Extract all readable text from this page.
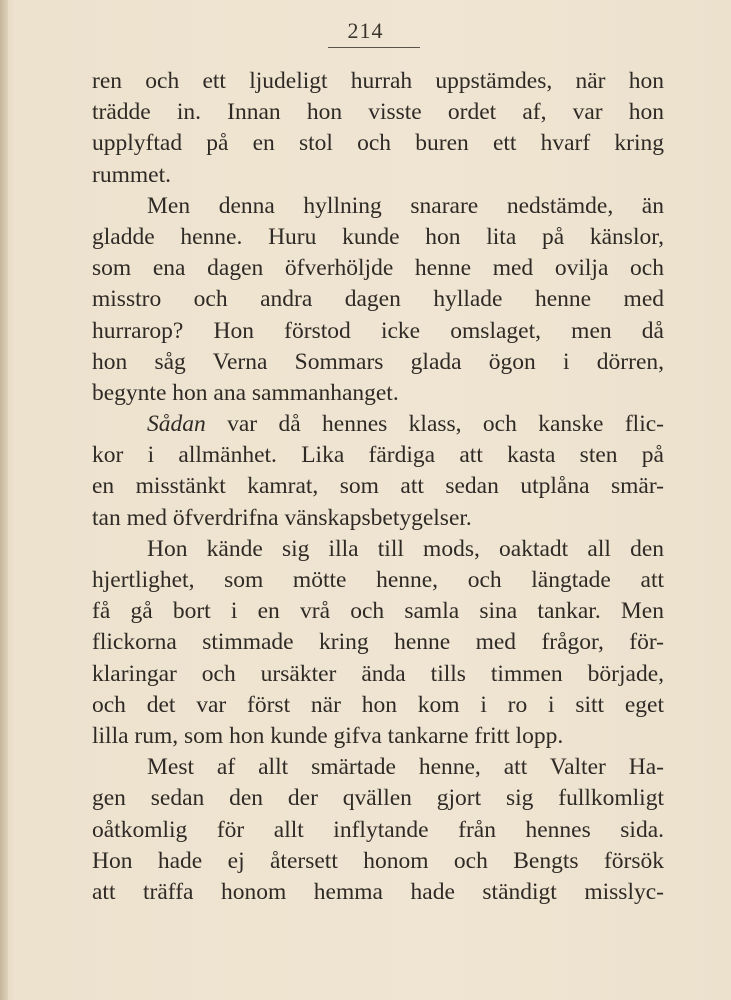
214
ren och ett ljudeligt hurrah uppstämdes, när hon
trädde in. Innan hon visste ordet af, var hon
upplyftad på en stol och buren ett hvarf kring
rummet.
Men denna hyllning snarare nedstämde, än
gladde henne. Huru kunde hon lita på känslor,
som ena dagen öfverhöljde henne med ovilja och
misstro och andra dagen hyllade henne med
hurrarop? Hon förstod icke omslaget, men då
hon såg Verna Sommars glada ögon i dörren,
begynte hon ana sammanhanget.
Sådan var då hennes klass, och kanske flic-
kor i allmänhet. Lika färdiga att kasta sten på
en misstänkt kamrat, som att sedan utplåna smär-
tan med öfverdrifna vänskapsbetygelser.
Hon kände sig illa till mods, oaktadt all den
hjertlighet, som mötte henne, och längtade att
få gå bort i en vrå och samla sina tankar. Men
flickorna stimmade kring henne med frågor, för-
klaringar och ursäkter ända tills timmen började,
och det var först när hon kom i ro i sitt eget
lilla rum, som hon kunde gifva tankarne fritt lopp.
Mest af allt smärtade henne, att Valter Ha-
gen sedan den der qvällen gjort sig fullkomligt
oåtkomlig för allt inflytande från hennes sida.
Hon hade ej återsett honom och Bengts försök
att träffa honom hemma hade ständigt misslyc-
